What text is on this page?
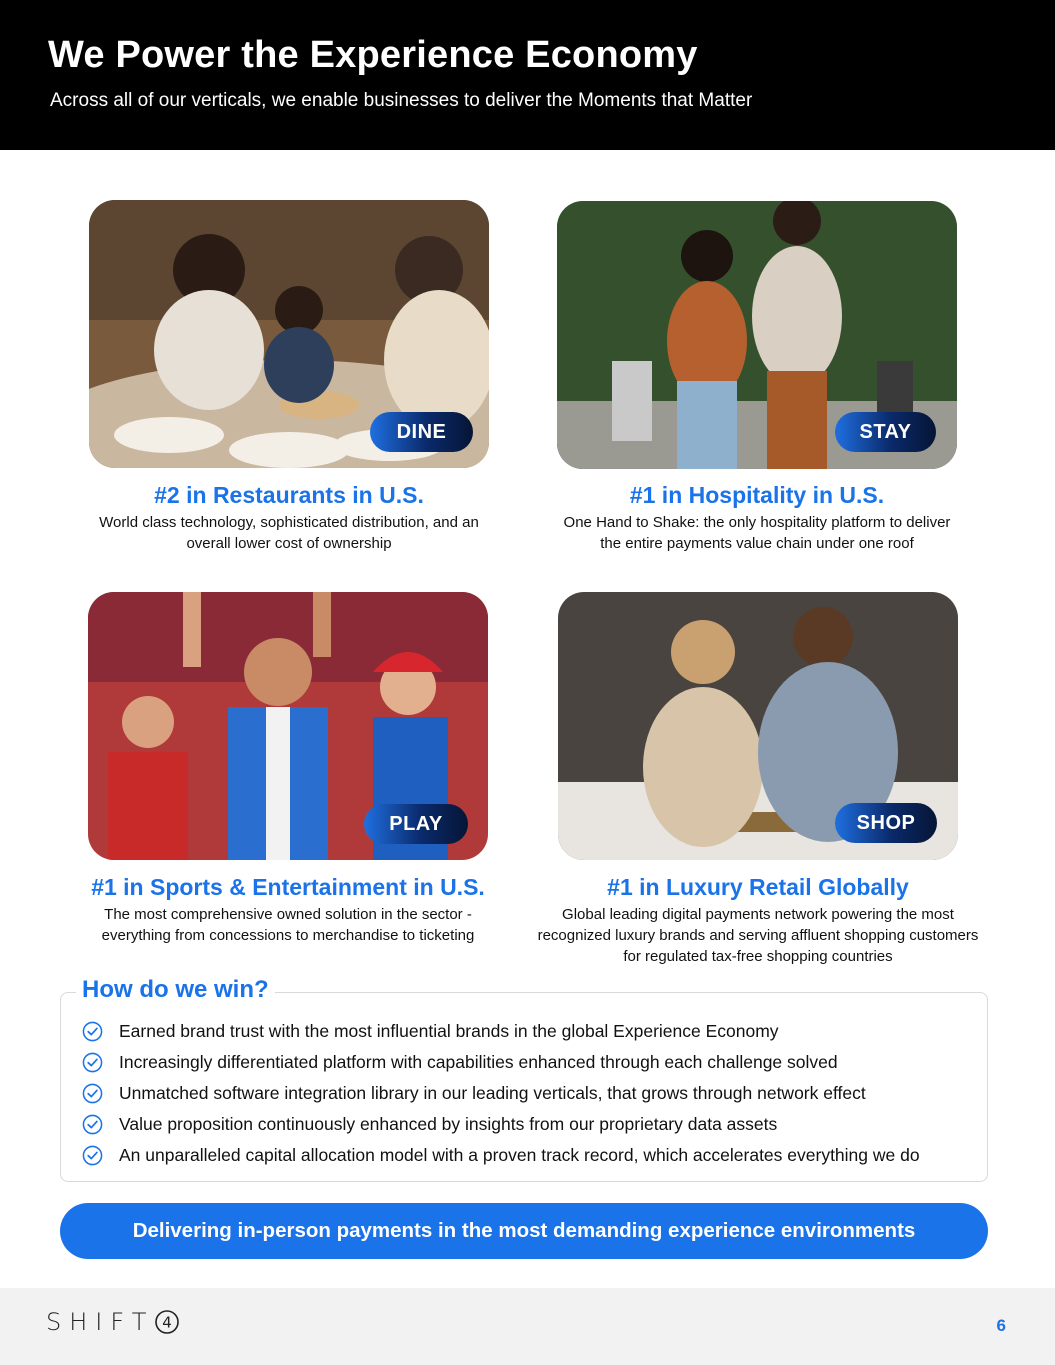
We Power the Experience Economy

Across all of our verticals, we enable businesses to deliver the Moments that Matter

DINE
#2 in Restaurants in U.S.

World class technology, sophisticated distribution, and an overall lower cost of ownership

STAY
#1 in Hospitality in U.S.

One Hand to Shake: the only hospitality platform to deliver the entire payments value chain under one roof

PLAY
#1 in Sports & Entertainment in U.S.

The most comprehensive owned solution in the sector - everything from concessions to merchandise to ticketing

SHOP
#1 in Luxury Retail Globally

Global leading digital payments network powering the most recognized luxury brands and serving affluent shopping customers for regulated tax-free shopping countries

How do we win?
Earned brand trust with the most influential brands in the global Experience Economy
Increasingly differentiated platform with capabilities enhanced through each challenge solved
Unmatched software integration library in our leading verticals, that grows through network effect
Value proposition continuously enhanced by insights from our proprietary data assets
An unparalleled capital allocation model with a proven track record, which accelerates everything we do
Delivering in-person payments in the most demanding experience environments
SHIFT 4	6
